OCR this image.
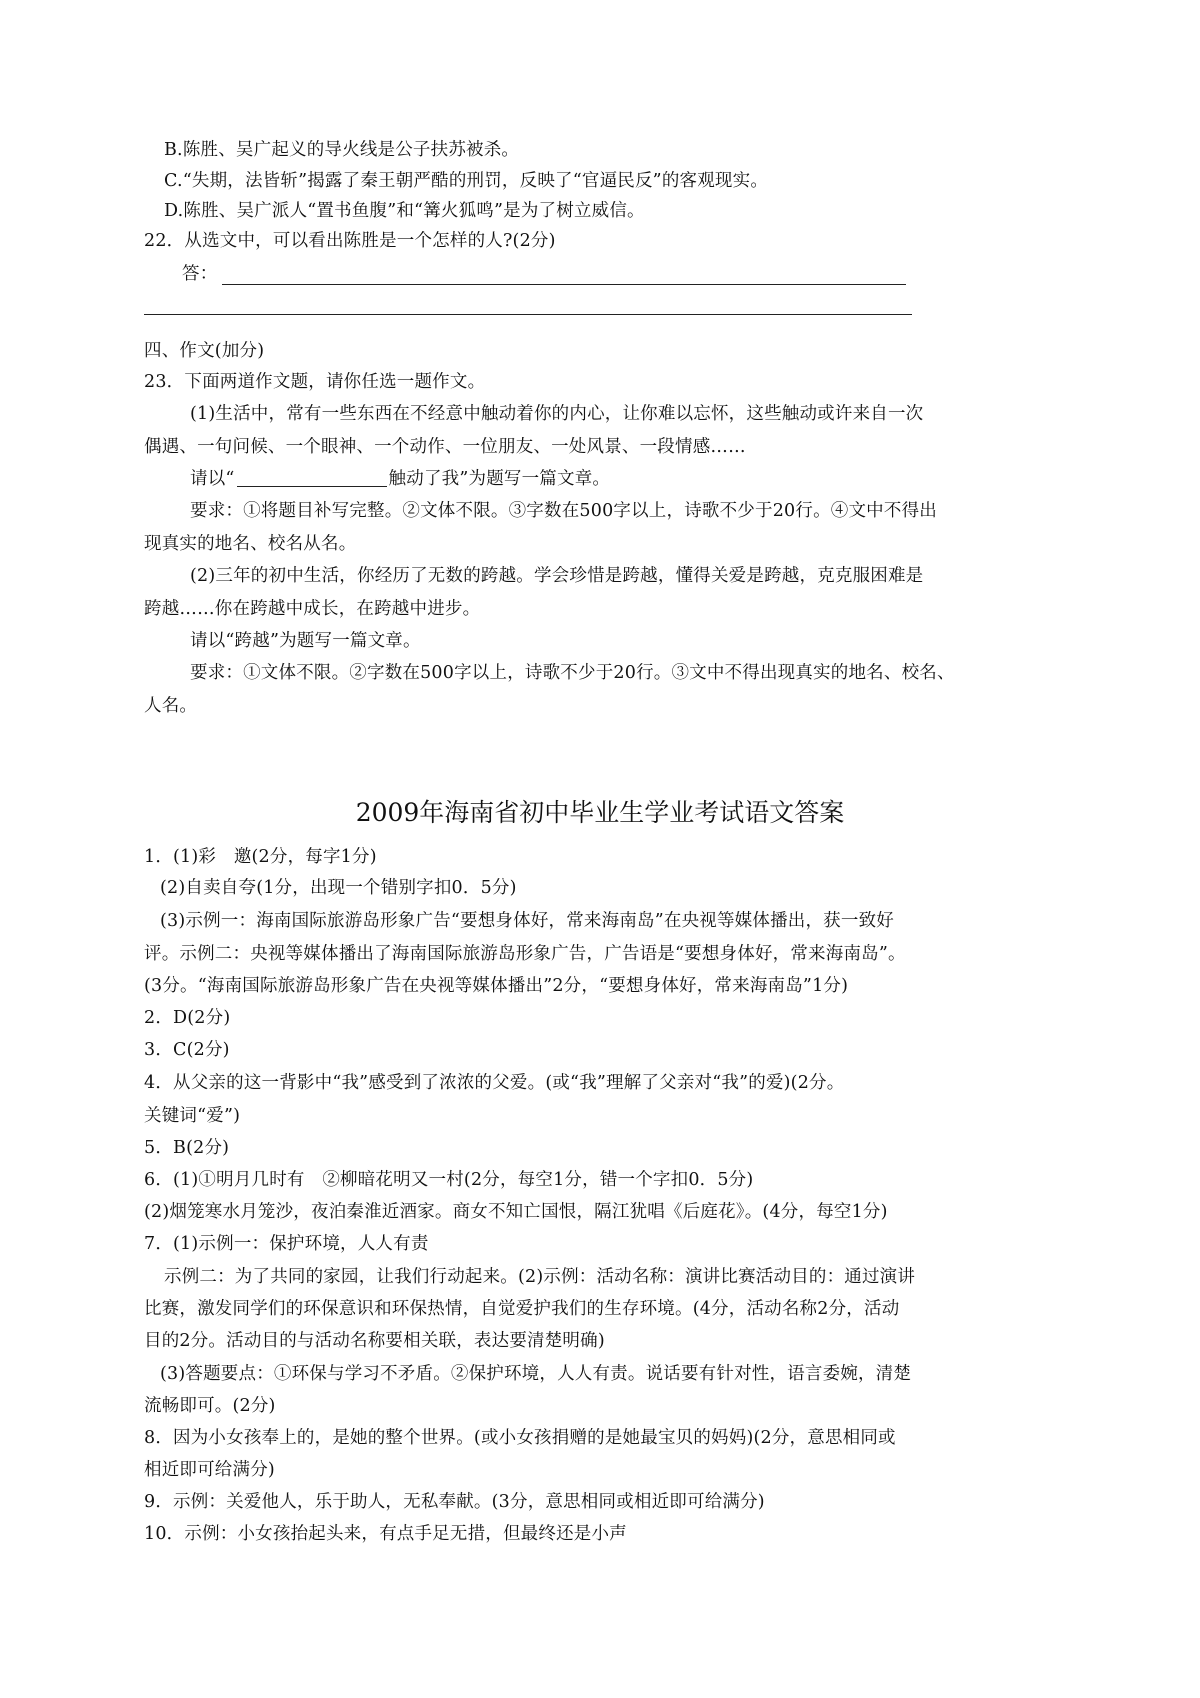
B.陈胜、吴广起义的导火线是公子扶苏被杀。
C.“失期，法皆斩”揭露了秦王朝严酷的刑罚，反映了“官逼民反”的客观现实。
D.陈胜、吴广派人“置书鱼腹”和“篝火狐鸣”是为了树立威信。
22．从选文中，可以看出陈胜是一个怎样的人?(2分)
答：
四、作文(加分)
23．下面两道作文题，请你任选一题作文。
(1)生活中，常有一些东西在不经意中触动着你的内心，让你难以忘怀，这些触动或许来自一次
偶遇、一句问候、一个眼神、一个动作、一位朋友、一处风景、一段情感……
请以“	触动了我”为题写一篇文章。
要求：①将题目补写完整。②文体不限。③字数在500字以上，诗歌不少于20行。④文中不得出
现真实的地名、校名从名。
(2)三年的初中生活，你经历了无数的跨越。学会珍惜是跨越，懂得关爱是跨越，克克服困难是
跨越……你在跨越中成长，在跨越中进步。
请以“跨越”为题写一篇文章。
要求：①文体不限。②字数在500字以上，诗歌不少于20行。③文中不得出现真实的地名、校名、
人名。
2009年海南省初中毕业生学业考试语文答案
1．(1)彩　邀(2分，每字1分)
(2)自卖自夸(1分，出现一个错别字扣0．5分)
(3)示例一：海南国际旅游岛形象广告“要想身体好，常来海南岛”在央视等媒体播出，获一致好
评。示例二：央视等媒体播出了海南国际旅游岛形象广告，广告语是“要想身体好，常来海南岛”。
(3分。“海南国际旅游岛形象广告在央视等媒体播出”2分，“要想身体好，常来海南岛”1分)
2．D(2分)
3．C(2分)
4．从父亲的这一背影中“我”感受到了浓浓的父爱。(或“我”理解了父亲对“我”的爱)(2分。
关键词“爱”)
5．B(2分)
6．(1)①明月几时有　②柳暗花明又一村(2分，每空1分，错一个字扣0．5分)
(2)烟笼寒水月笼沙，夜泊秦淮近酒家。商女不知亡国恨，隔江犹唱《后庭花》。(4分，每空1分)
7．(1)示例一：保护环境，人人有责
示例二：为了共同的家园，让我们行动起来。(2)示例：活动名称：演讲比赛活动目的：通过演讲
比赛，激发同学们的环保意识和环保热情，自觉爱护我们的生存环境。(4分，活动名称2分，活动
目的2分。活动目的与活动名称要相关联，表达要清楚明确)
(3)答题要点：①环保与学习不矛盾。②保护环境，人人有责。说话要有针对性，语言委婉，清楚
流畅即可。(2分)
8．因为小女孩奉上的，是她的整个世界。(或小女孩捐赠的是她最宝贝的妈妈)(2分，意思相同或
相近即可给满分)
9．示例：关爱他人，乐于助人，无私奉献。(3分，意思相同或相近即可给满分)
10．示例：小女孩抬起头来，有点手足无措，但最终还是小声
